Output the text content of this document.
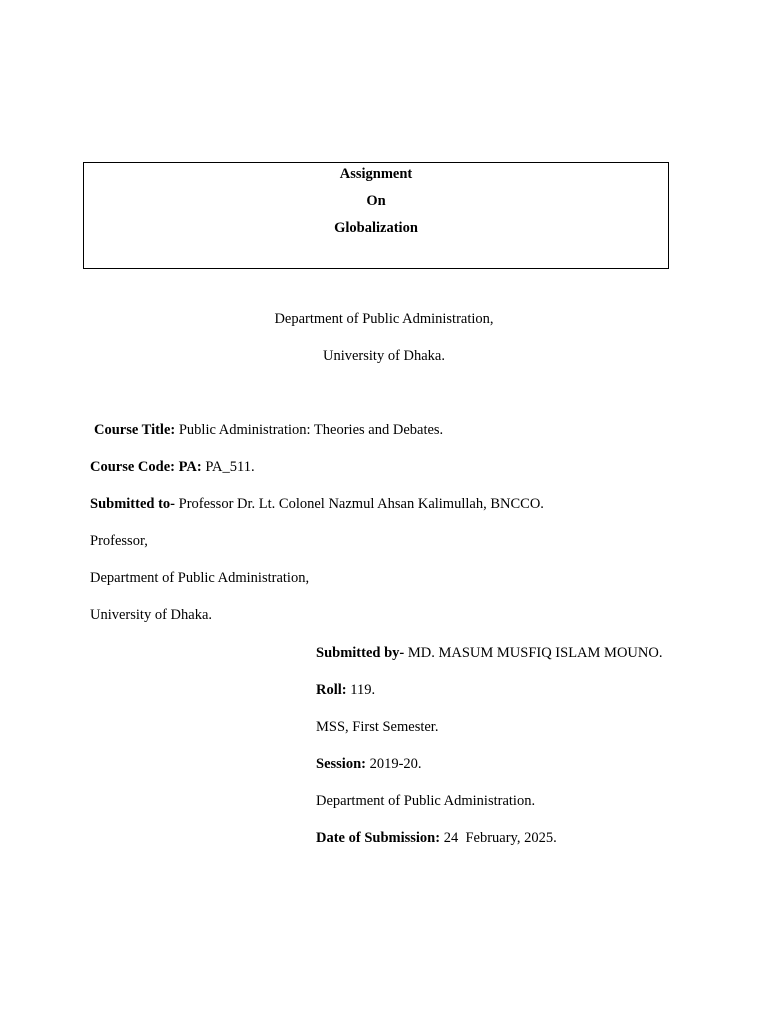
Assignment
On
Globalization
Department of Public Administration,
University of Dhaka.
Course Title: Public Administration: Theories and Debates.
Course Code: PA: PA_511.
Submitted to- Professor Dr. Lt. Colonel Nazmul Ahsan Kalimullah, BNCCO.
Professor,
Department of Public Administration,
University of Dhaka.
Submitted by- MD. MASUM MUSFIQ ISLAM MOUNO.
Roll: 119.
MSS, First Semester.
Session: 2019-20.
Department of Public Administration.
Date of Submission: 24  February, 2025.
